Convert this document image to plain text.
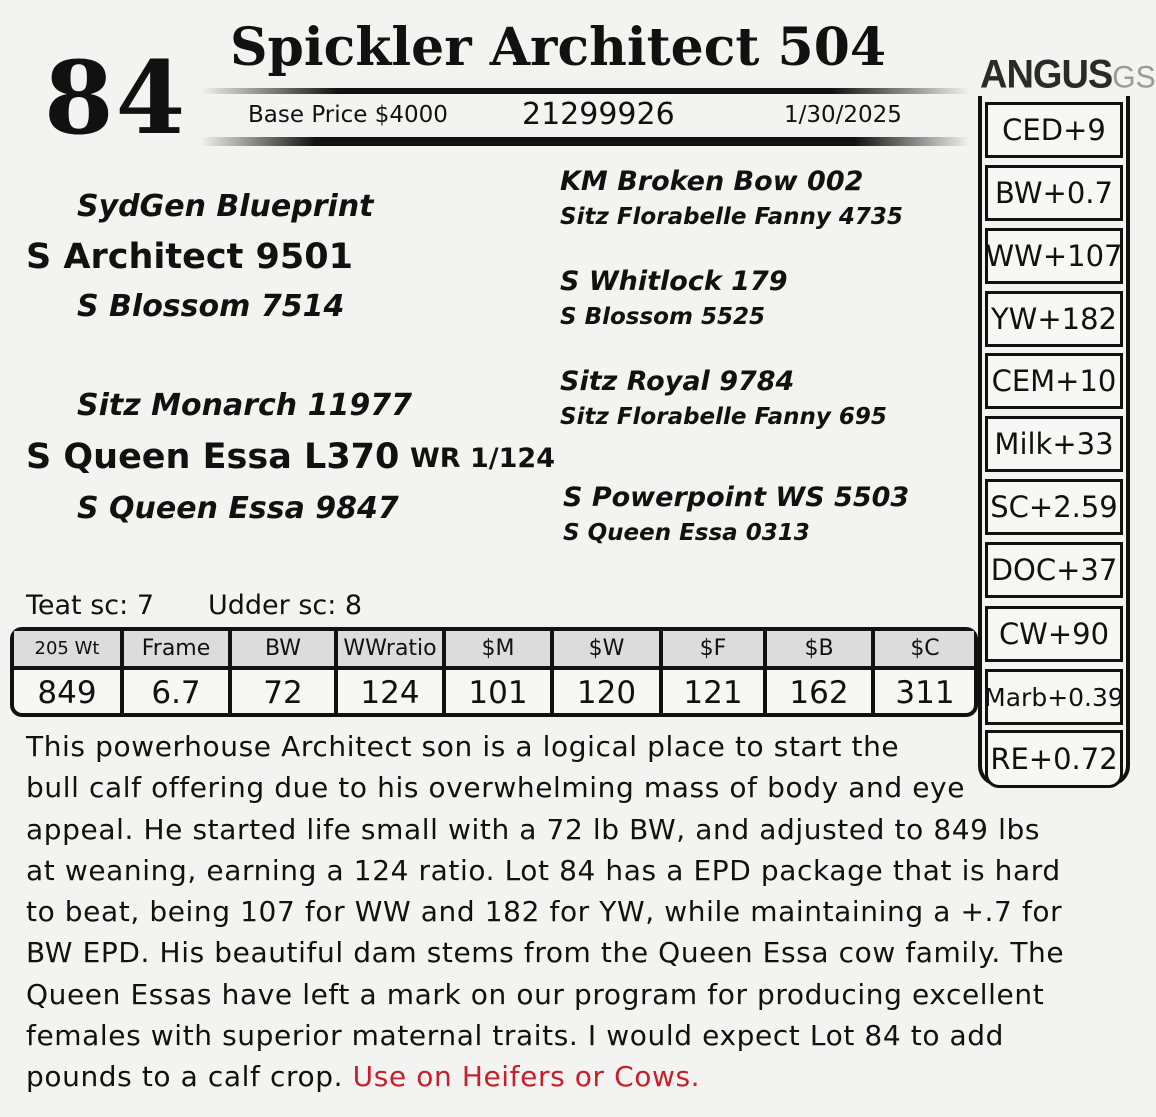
84 Spickler Architect 504
Base Price $4000 21299926	1/30/2025
ANGUSGS
CED+9
BW+0.7
WW+107
YW+182
CEM+10
Milk+33
SC+2.59
DOC+37
CW+90
Marb+0.39
RE+0.72
SydGen Blueprint
S Architect 9501
S Blossom 7514
Sitz Monarch 11977
S Queen Essa L370 WR 1/124
S Queen Essa 9847
KM Broken Bow 002
Sitz Florabelle Fanny 4735
S Whitlock 179
S Blossom 5525
Sitz Royal 9784
Sitz Florabelle Fanny 695
S Powerpoint WS 5503
S Queen Essa 0313
Teat sc: 7 Udder sc: 8
205 Wt	Frame	BW	WWratio	$M	$W	$F	$B	$C
849	6.7	72	124	101	120	121	162	311

This powerhouse Architect son is a logical place to start the

bull calf offering due to his overwhelming mass of body and eye

appeal. He started life small with a 72 lb BW, and adjusted to 849 lbs

at weaning, earning a 124 ratio. Lot 84 has a EPD package that is hard

to beat, being 107 for WW and 182 for YW, while maintaining a +.7 for

BW EPD. His beautiful dam stems from the Queen Essa cow family. The

Queen Essas have left a mark on our program for producing excellent

females with superior maternal traits. I would expect Lot 84 to add

pounds to a calf crop. Use on Heifers or Cows.
